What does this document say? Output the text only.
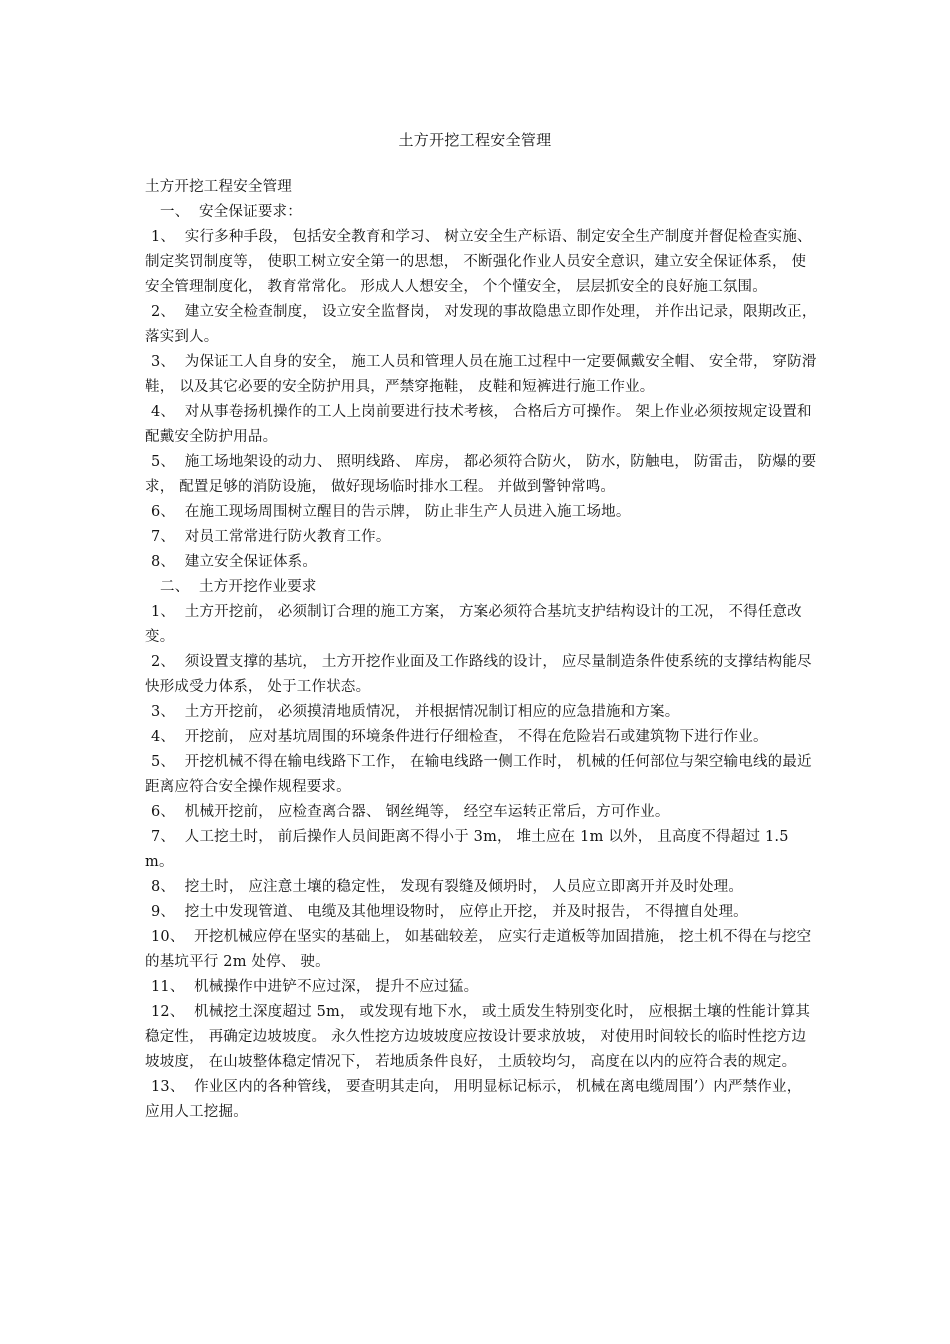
土方开挖工程安全管理

土方开挖工程安全管理

一、  安全保证要求：

1、  实行多种手段， 包括安全教育和学习、 树立安全生产标语、制定安全生产制度并督促检查实施、 制定奖罚制度等， 使职工树立安全第一的思想， 不断强化作业人员安全意识，建立安全保证体系， 使安全管理制度化， 教育常常化。 形成人人想安全， 个个懂安全， 层层抓安全的良好施工氛围。

2、  建立安全检查制度， 设立安全监督岗， 对发现的事故隐患立即作处理， 并作出记录，限期改正， 落实到人。

3、  为保证工人自身的安全， 施工人员和管理人员在施工过程中一定要佩戴安全帽、 安全带， 穿防滑鞋， 以及其它必要的安全防护用具，严禁穿拖鞋， 皮鞋和短裤进行施工作业。

4、  对从事卷扬机操作的工人上岗前要进行技术考核， 合格后方可操作。 架上作业必须按规定设置和配戴安全防护用品。

5、  施工场地架设的动力、 照明线路、 库房， 都必须符合防火， 防水，防触电， 防雷击， 防爆的要求， 配置足够的消防设施， 做好现场临时排水工程。 并做到警钟常鸣。

6、  在施工现场周围树立醒目的告示牌， 防止非生产人员进入施工场地。

7、  对员工常常进行防火教育工作。

8、  建立安全保证体系。

二、  土方开挖作业要求

1、  土方开挖前， 必须制订合理的施工方案， 方案必须符合基坑支护结构设计的工况， 不得任意改变。

2、  须设置支撑的基坑， 土方开挖作业面及工作路线的设计， 应尽量制造条件使系统的支撑结构能尽快形成受力体系， 处于工作状态。

3、  土方开挖前， 必须摸清地质情况， 并根据情况制订相应的应急措施和方案。

4、  开挖前， 应对基坑周围的环境条件进行仔细检查， 不得在危险岩石或建筑物下进行作业。

5、  开挖机械不得在输电线路下工作， 在输电线路一侧工作时， 机械的任何部位与架空输电线的最近距离应符合安全操作规程要求。

6、  机械开挖前， 应检查离合器、 钢丝绳等， 经空车运转正常后，方可作业。

7、  人工挖土时， 前后操作人员间距离不得小于 3m， 堆土应在 1m 以外， 且高度不得超过 1.5m。

8、  挖土时， 应注意土壤的稳定性， 发现有裂缝及倾坍时， 人员应立即离开并及时处理。

9、  挖土中发现管道、 电缆及其他埋设物时， 应停止开挖， 并及时报告， 不得擅自处理。

10、  开挖机械应停在坚实的基础上， 如基础较差， 应实行走道板等加固措施， 挖土机不得在与挖空的基坑平行 2m 处停、 驶。

11、  机械操作中进铲不应过深， 提升不应过猛。

12、  机械挖土深度超过 5m， 或发现有地下水， 或土质发生特别变化时， 应根据土壤的性能计算其稳定性， 再确定边坡坡度。 永久性挖方边坡坡度应按设计要求放坡， 对使用时间较长的临时性挖方边坡坡度， 在山坡整体稳定情况下， 若地质条件良好， 土质较均匀， 高度在以内的应符合表的规定。

13、  作业区内的各种管线， 要查明其走向， 用明显标记标示， 机械在离电缆周围’）内严禁作业， 应用人工挖掘。
